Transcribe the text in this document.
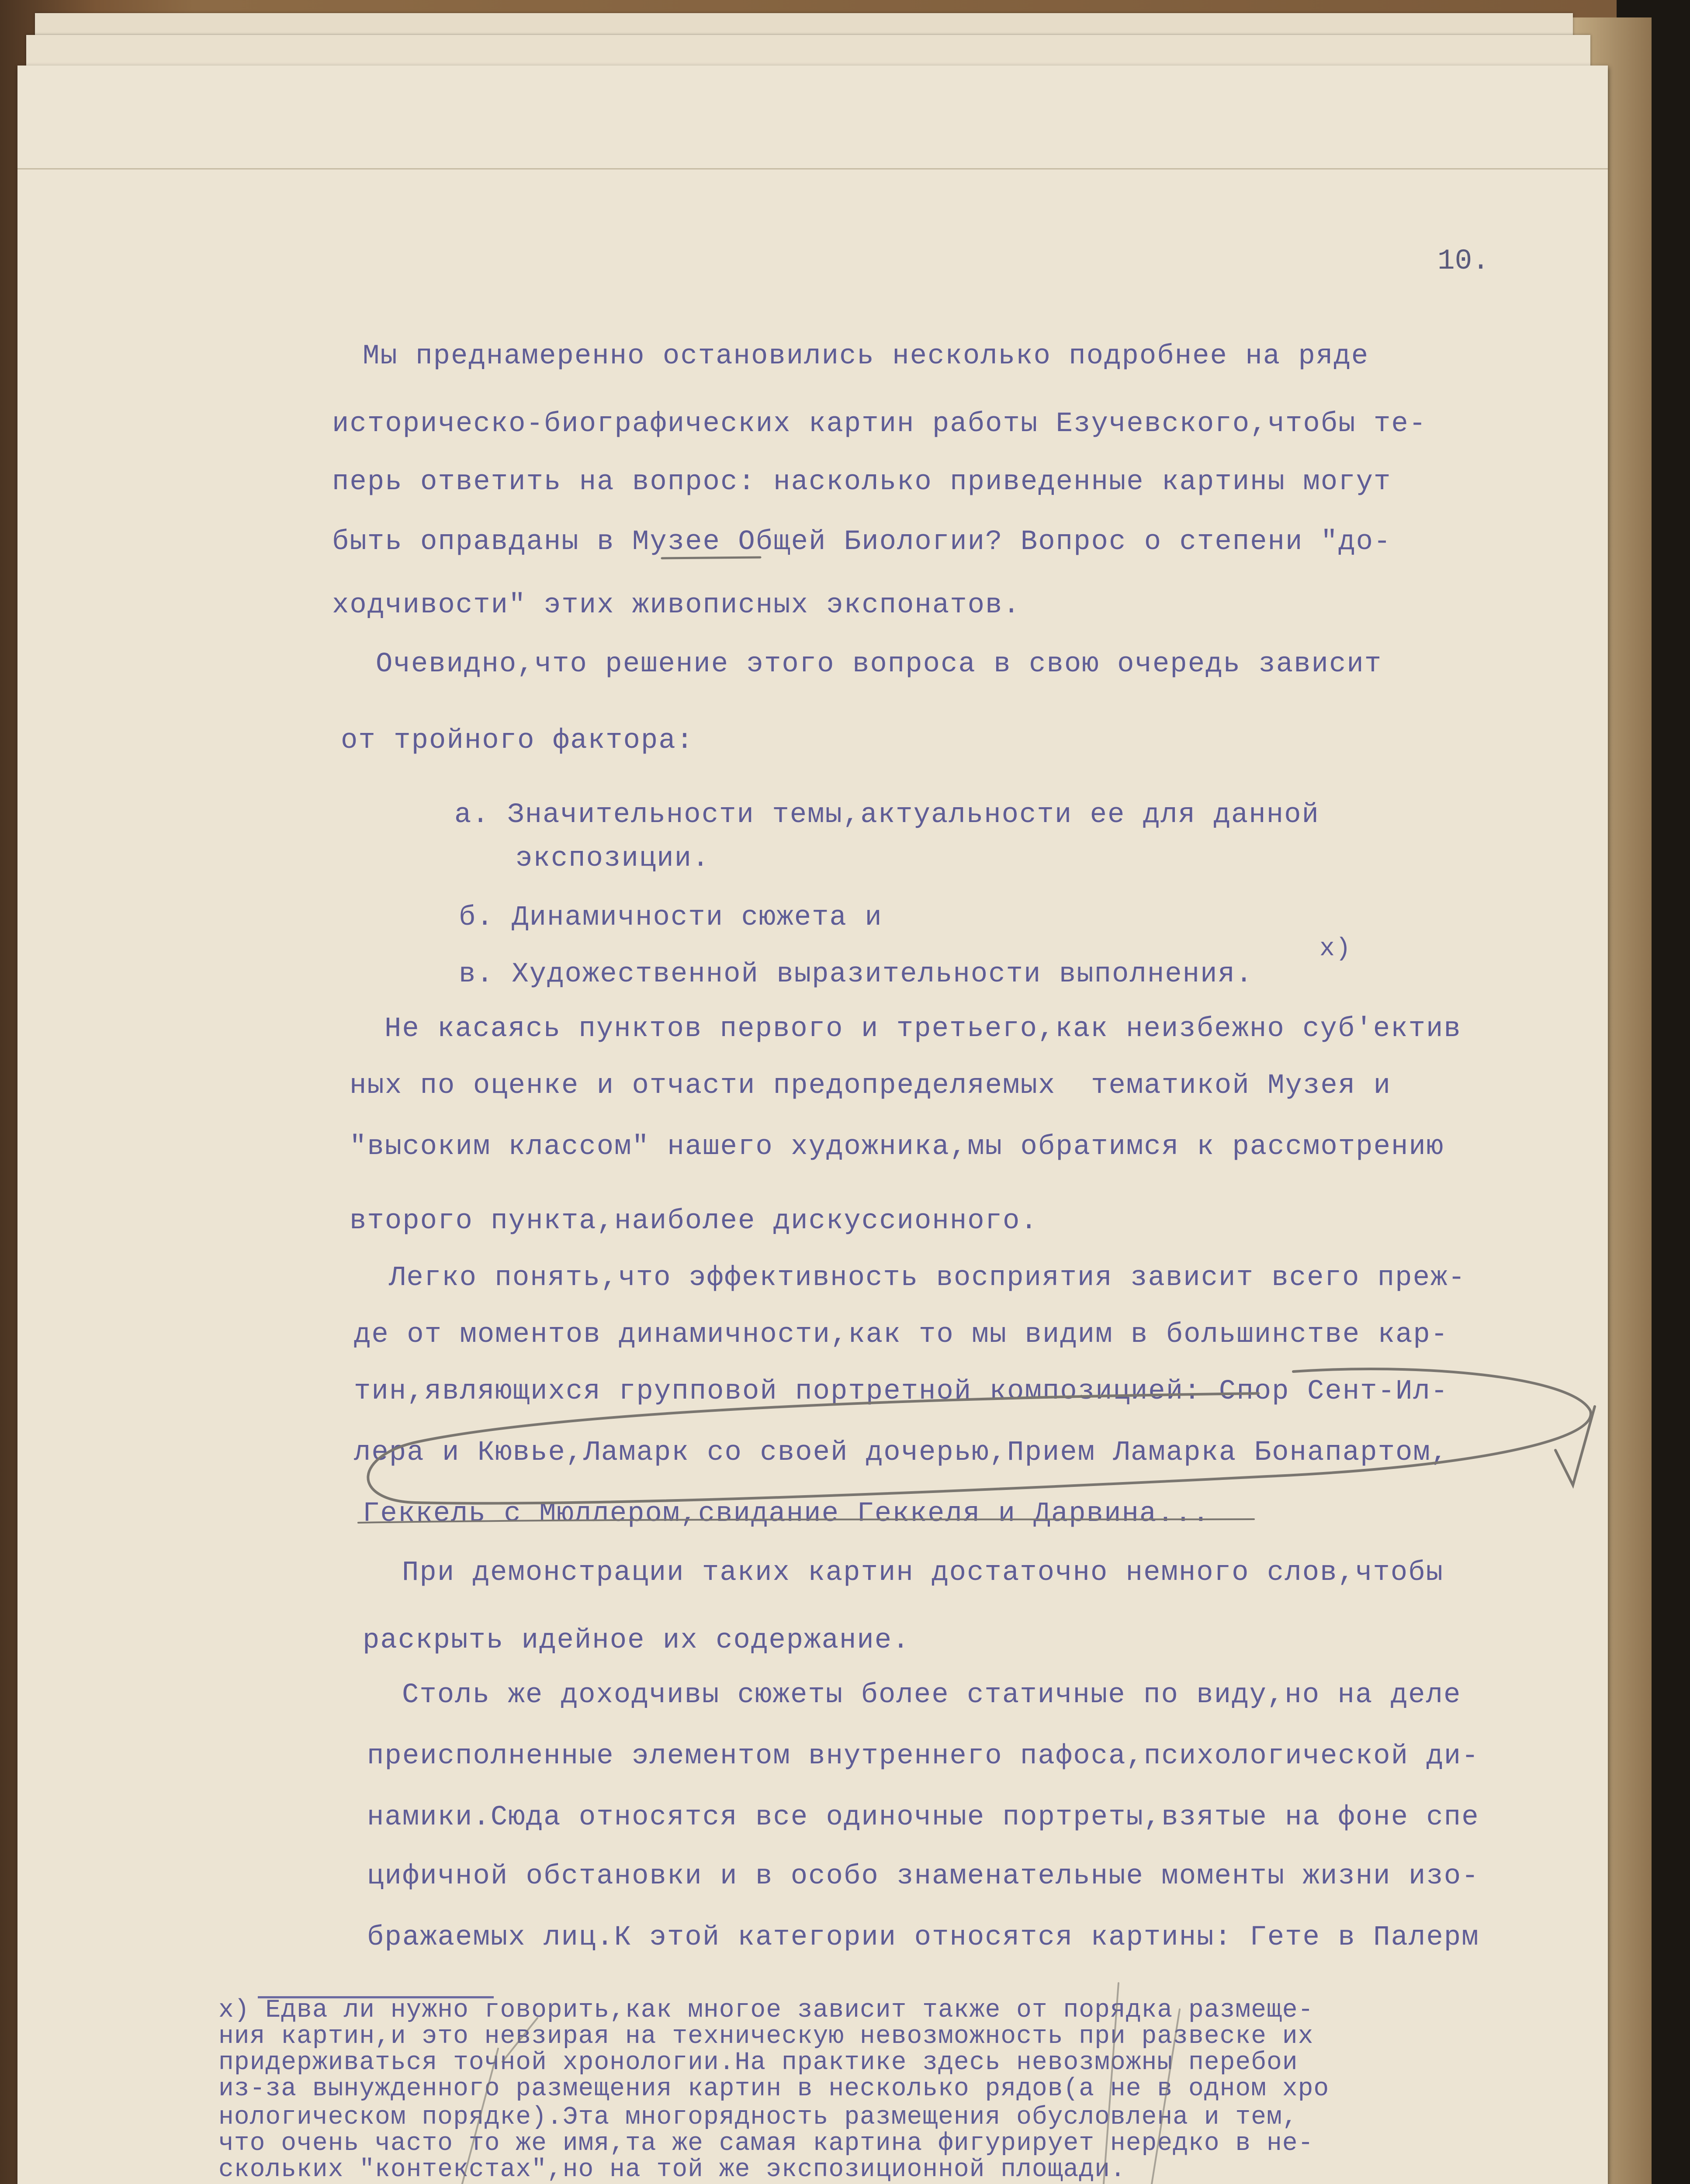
10.
Мы преднамеренно остановились несколько подробнее на ряде
историческо-биографических картин работы Езучевского,чтобы те-
перь ответить на вопрос: насколько приведенные картины могут
быть оправданы в Музее Общей Биологии? Вопрос о степени "до-
ходчивости" этих живописных экспонатов.
Очевидно,что решение этого вопроса в свою очередь зависит
от тройного фактора:
а. Значительности темы,актуальности ее для данной
экспозиции.
б. Динамичности сюжета и
в. Художественной выразительности выполнения.
х)
Не касаясь пунктов первого и третьего,как неизбежно суб'ектив
ных по оценке и отчасти предопределяемых  тематикой Музея и
"высоким классом" нашего художника,мы обратимся к рассмотрению
второго пункта,наиболее дискуссионного.
Легко понять,что эффективность восприятия зависит всего преж-
де от моментов динамичности,как то мы видим в большинстве кар-
тин,являющихся групповой портретной композицией: Спор Сент-Ил-
лера и Кювье,Ламарк со своей дочерью,Прием Ламарка Бонапартом,
Геккель с Мюллером,свидание Геккеля и Дарвина...
При демонстрации таких картин достаточно немного слов,чтобы
раскрыть идейное их содержание.
Столь же доходчивы сюжеты более статичные по виду,но на деле
преисполненные элементом внутреннего пафоса,психологической ди-
намики.Сюда относятся все одиночные портреты,взятые на фоне спе
цифичной обстановки и в особо знаменательные моменты жизни изо-
бражаемых лиц.К этой категории относятся картины: Гете в Палерм
х) Едва ли нужно говорить,как многое зависит также от порядка размеще-
ния картин,и это невзирая на техническую невозможность при развеске их
придерживаться точной хронологии.На практике здесь невозможны перебои
из-за вынужденного размещения картин в несколько рядов(а не в одном хро
нологическом порядке).Эта многорядность размещения обусловлена и тем,
что очень часто то же имя,та же самая картина фигурирует нередко в не-
скольких "контекстах",но на той же экспозиционной площади.
